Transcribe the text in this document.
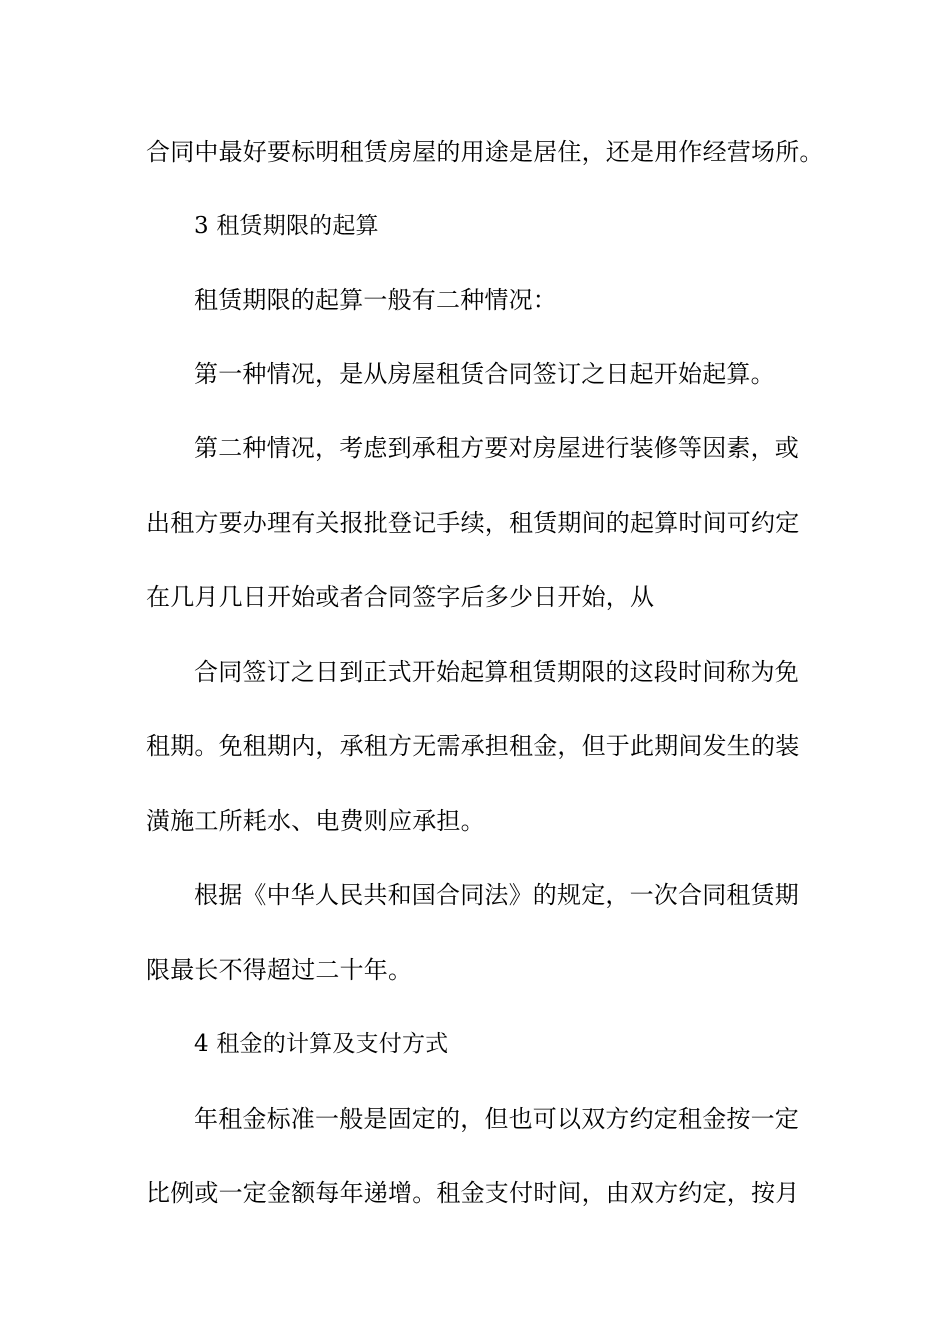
合同中最好要标明租赁房屋的用途是居住，还是用作经营场所。
3 租赁期限的起算
租赁期限的起算一般有二种情况：
第一种情况，是从房屋租赁合同签订之日起开始起算。
第二种情况，考虑到承租方要对房屋进行装修等因素，或
出租方要办理有关报批登记手续，租赁期间的起算时间可约定
在几月几日开始或者合同签字后多少日开始，从
合同签订之日到正式开始起算租赁期限的这段时间称为免
租期。免租期内，承租方无需承担租金，但于此期间发生的装
潢施工所耗水、电费则应承担。
根据《中华人民共和国合同法》的规定，一次合同租赁期
限最长不得超过二十年。
4 租金的计算及支付方式
年租金标准一般是固定的，但也可以双方约定租金按一定
比例或一定金额每年递增。租金支付时间，由双方约定，按月
